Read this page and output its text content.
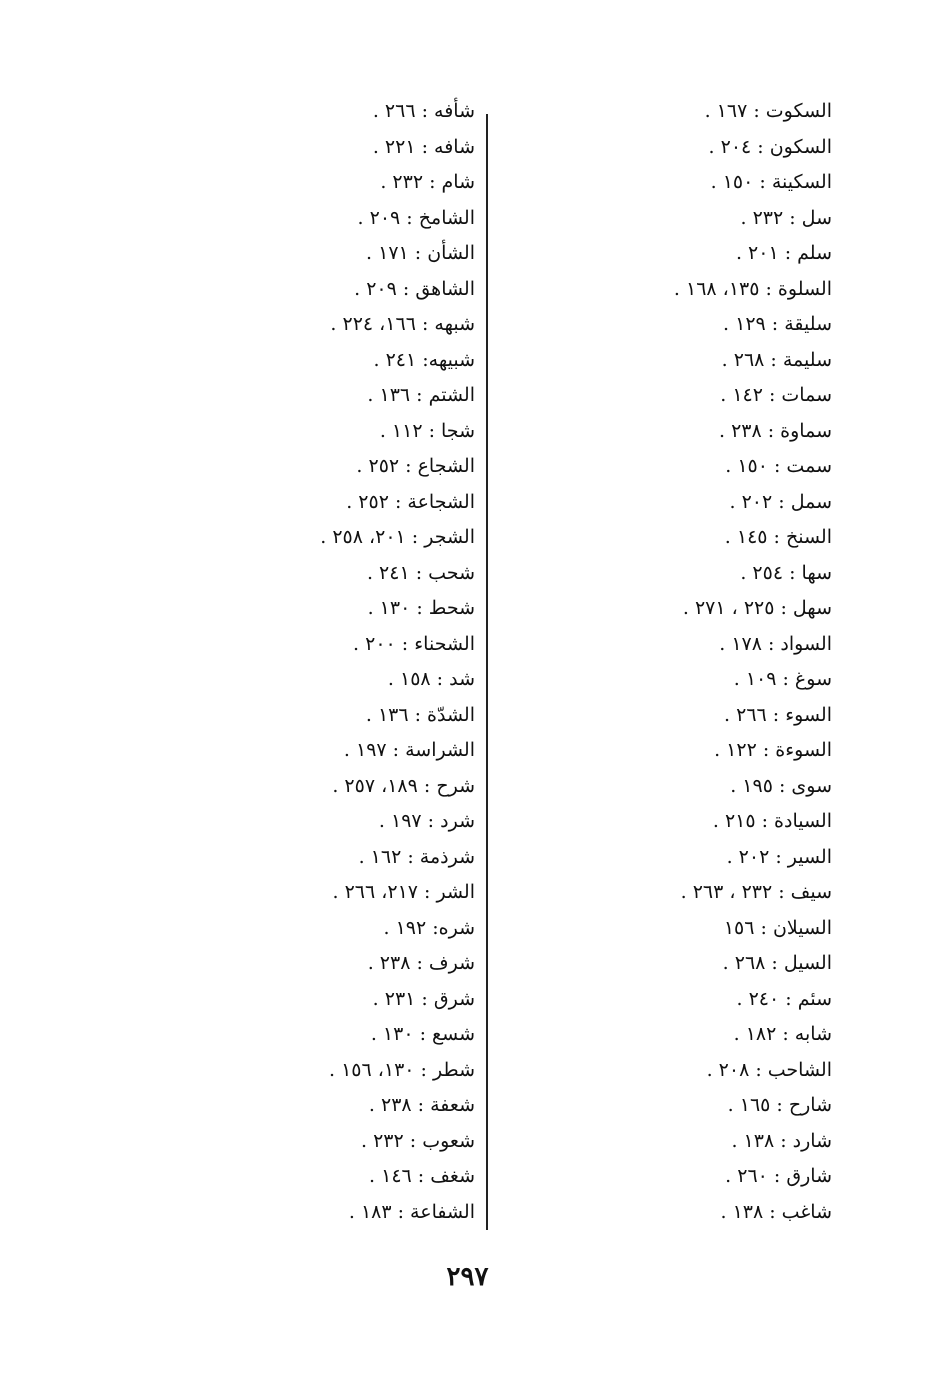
السكوت : ١٦٧ .
السكون : ٢٠٤ .
السكينة : ١٥٠ .
سل : ٢٣٢ .
سلم : ٢٠١ .
السلوة : ١٣٥، ١٦٨ .
سليقة : ١٢٩ .
سليمة : ٢٦٨ .
سمات : ١٤٢ .
سماوة : ٢٣٨ .
سمت : ١٥٠ .
سمل : ٢٠٢ .
السنخ : ١٤٥ .
سها : ٢٥٤ .
سهل : ٢٢٥ ، ٢٧١ .
السواد : ١٧٨ .
سوغ : ١٠٩ .
السوء : ٢٦٦ .
السوءة : ١٢٢ .
سوى : ١٩٥ .
السيادة : ٢١٥ .
السير : ٢٠٢ .
سيف : ٢٣٢ ، ٢٦٣ .
السيلان : ١٥٦
السيل : ٢٦٨ .
سئم : ٢٤٠ .
شابه : ١٨٢ .
الشاحب : ٢٠٨ .
شارح : ١٦٥ .
شارد : ١٣٨ .
شارق : ٢٦٠ .
شاغب : ١٣٨ .
شأفه : ٢٦٦ .
شافه : ٢٢١ .
شام : ٢٣٢ .
الشامخ : ٢٠٩ .
الشأن : ١٧١ .
الشاهق : ٢٠٩ .
شبهه : ١٦٦، ٢٢٤ .
شبيهه: ٢٤١ .
الشتم : ١٣٦ .
شجا : ١١٢ .
الشجاع : ٢٥٢ .
الشجاعة : ٢٥٢ .
الشجر : ٢٠١، ٢٥٨ .
شحب : ٢٤١ .
شحط : ١٣٠ .
الشحناء : ٢٠٠ .
شد : ١٥٨ .
الشدّة : ١٣٦ .
الشراسة : ١٩٧ .
شرح : ١٨٩، ٢٥٧ .
شرد : ١٩٧ .
شرذمة : ١٦٢ .
الشر : ٢١٧، ٢٦٦ .
شره: ١٩٢ .
شرف : ٢٣٨ .
شرق : ٢٣١ .
شسع : ١٣٠ .
شطر : ١٣٠، ١٥٦ .
شعفة : ٢٣٨ .
شعوب : ٢٣٢ .
شغف : ١٤٦ .
الشفاعة : ١٨٣ .
٢٩٧
